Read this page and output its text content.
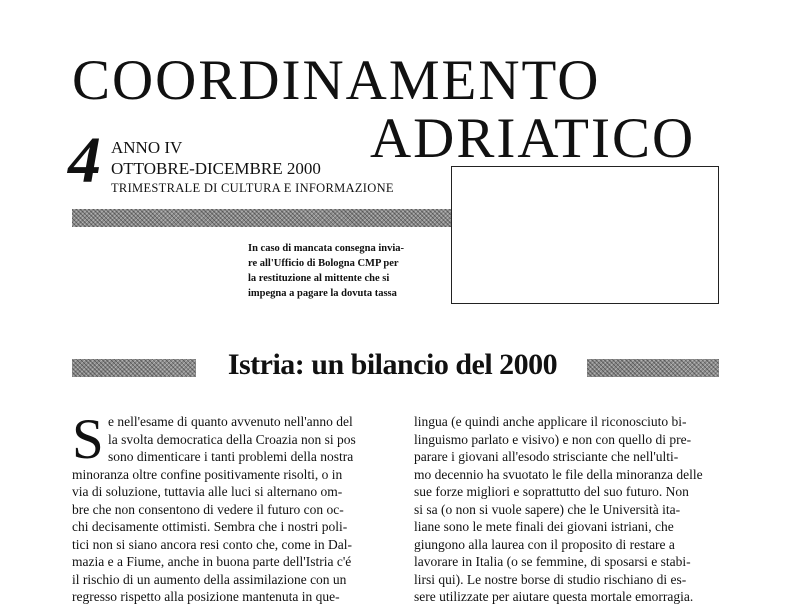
COORDINAMENTO
ADRIATICO
4 ANNO IV
OTTOBRE-DICEMBRE 2000
TRIMESTRALE DI CULTURA E INFORMAZIONE
In caso di mancata consegna invia-
re all'Ufficio di Bologna CMP per
la restituzione al mittente che si
impegna a pagare la dovuta tassa
Istria: un bilancio del 2000
S e nell'esame di quanto avvenuto nell'anno del
la svolta democratica della Croazia non si pos
sono dimenticare i tanti problemi della nostra
minoranza oltre confine positivamente risolti, o in
via di soluzione, tuttavia alle luci si alternano om-
bre che non consentono di vedere il futuro con oc-
chi decisamente ottimisti. Sembra che i nostri poli-
tici non si siano ancora resi conto che, come in Dal-
mazia e a Fiume, anche in buona parte dell'Istria c'é
il rischio di un aumento della assimilazione con un
regresso rispetto alla posizione mantenuta in que-
lingua (e quindi anche applicare il riconosciuto bi-
linguismo parlato e visivo) e non con quello di pre-
parare i giovani all'esodo strisciante che nell'ulti-
mo decennio ha svuotato le file della minoranza delle
sue forze migliori e soprattutto del suo futuro. Non
si sa (o non si vuole sapere) che le Università ita-
liane sono le mete finali dei giovani istriani, che
giungono alla laurea con il proposito di restare a
lavorare in Italia (o se femmine, di sposarsi e stabi-
lirsi qui). Le nostre borse di studio rischiano di es-
sere utilizzate per aiutare questa mortale emorragia.
